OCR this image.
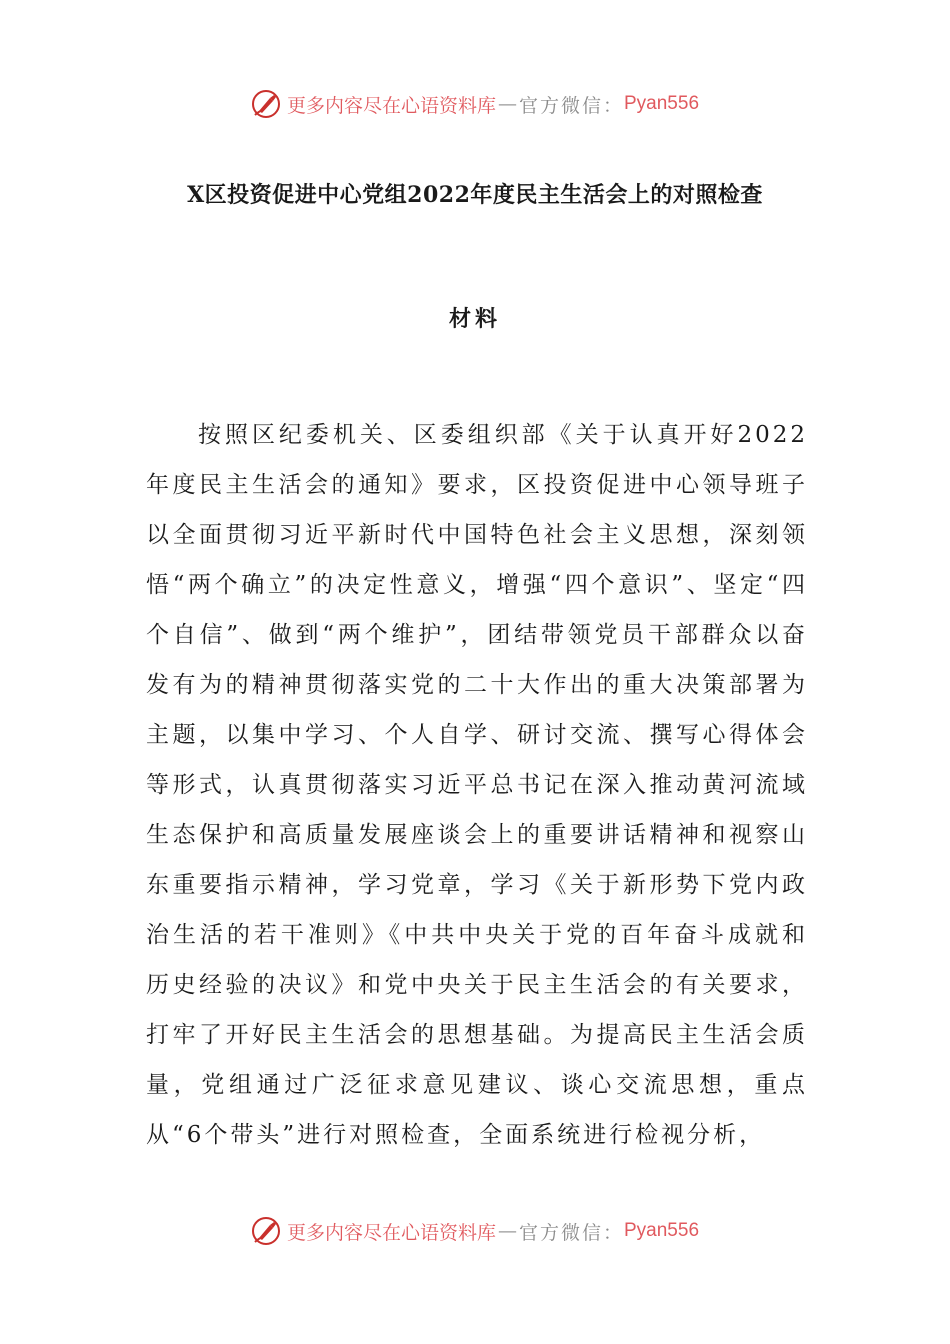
更多内容尽在心语资料库 — 官方微信： Pyan556
X区投资促进中心党组2022年度民主生活会上的对照检查
材料

按照区纪委机关、区委组织部《关于认真开好2022年度民主生活会的通知》要求，区投资促进中心领导班子以全面贯彻习近平新时代中国特色社会主义思想，深刻领悟“两个确立”的决定性意义，增强“四个意识”、坚定“四个自信”、做到“两个维护”，团结带领党员干部群众以奋发有为的精神贯彻落实党的二十大作出的重大决策部署为主题，以集中学习、个人自学、研讨交流、撰写心得体会等形式，认真贯彻落实习近平总书记在深入推动黄河流域生态保护和高质量发展座谈会上的重要讲话精神和视察山东重要指示精神，学习党章，学习《关于新形势下党内政治生活的若干准则》《中共中央关于党的百年奋斗成就和历史经验的决议》和党中央关于民主生活会的有关要求，打牢了开好民主生活会的思想基础。为提高民主生活会质量，党组通过广泛征求意见建议、谈心交流思想，重点从“6个带头”进行对照检查，全面系统进行检视分析，

更多内容尽在心语资料库 — 官方微信： Pyan556
